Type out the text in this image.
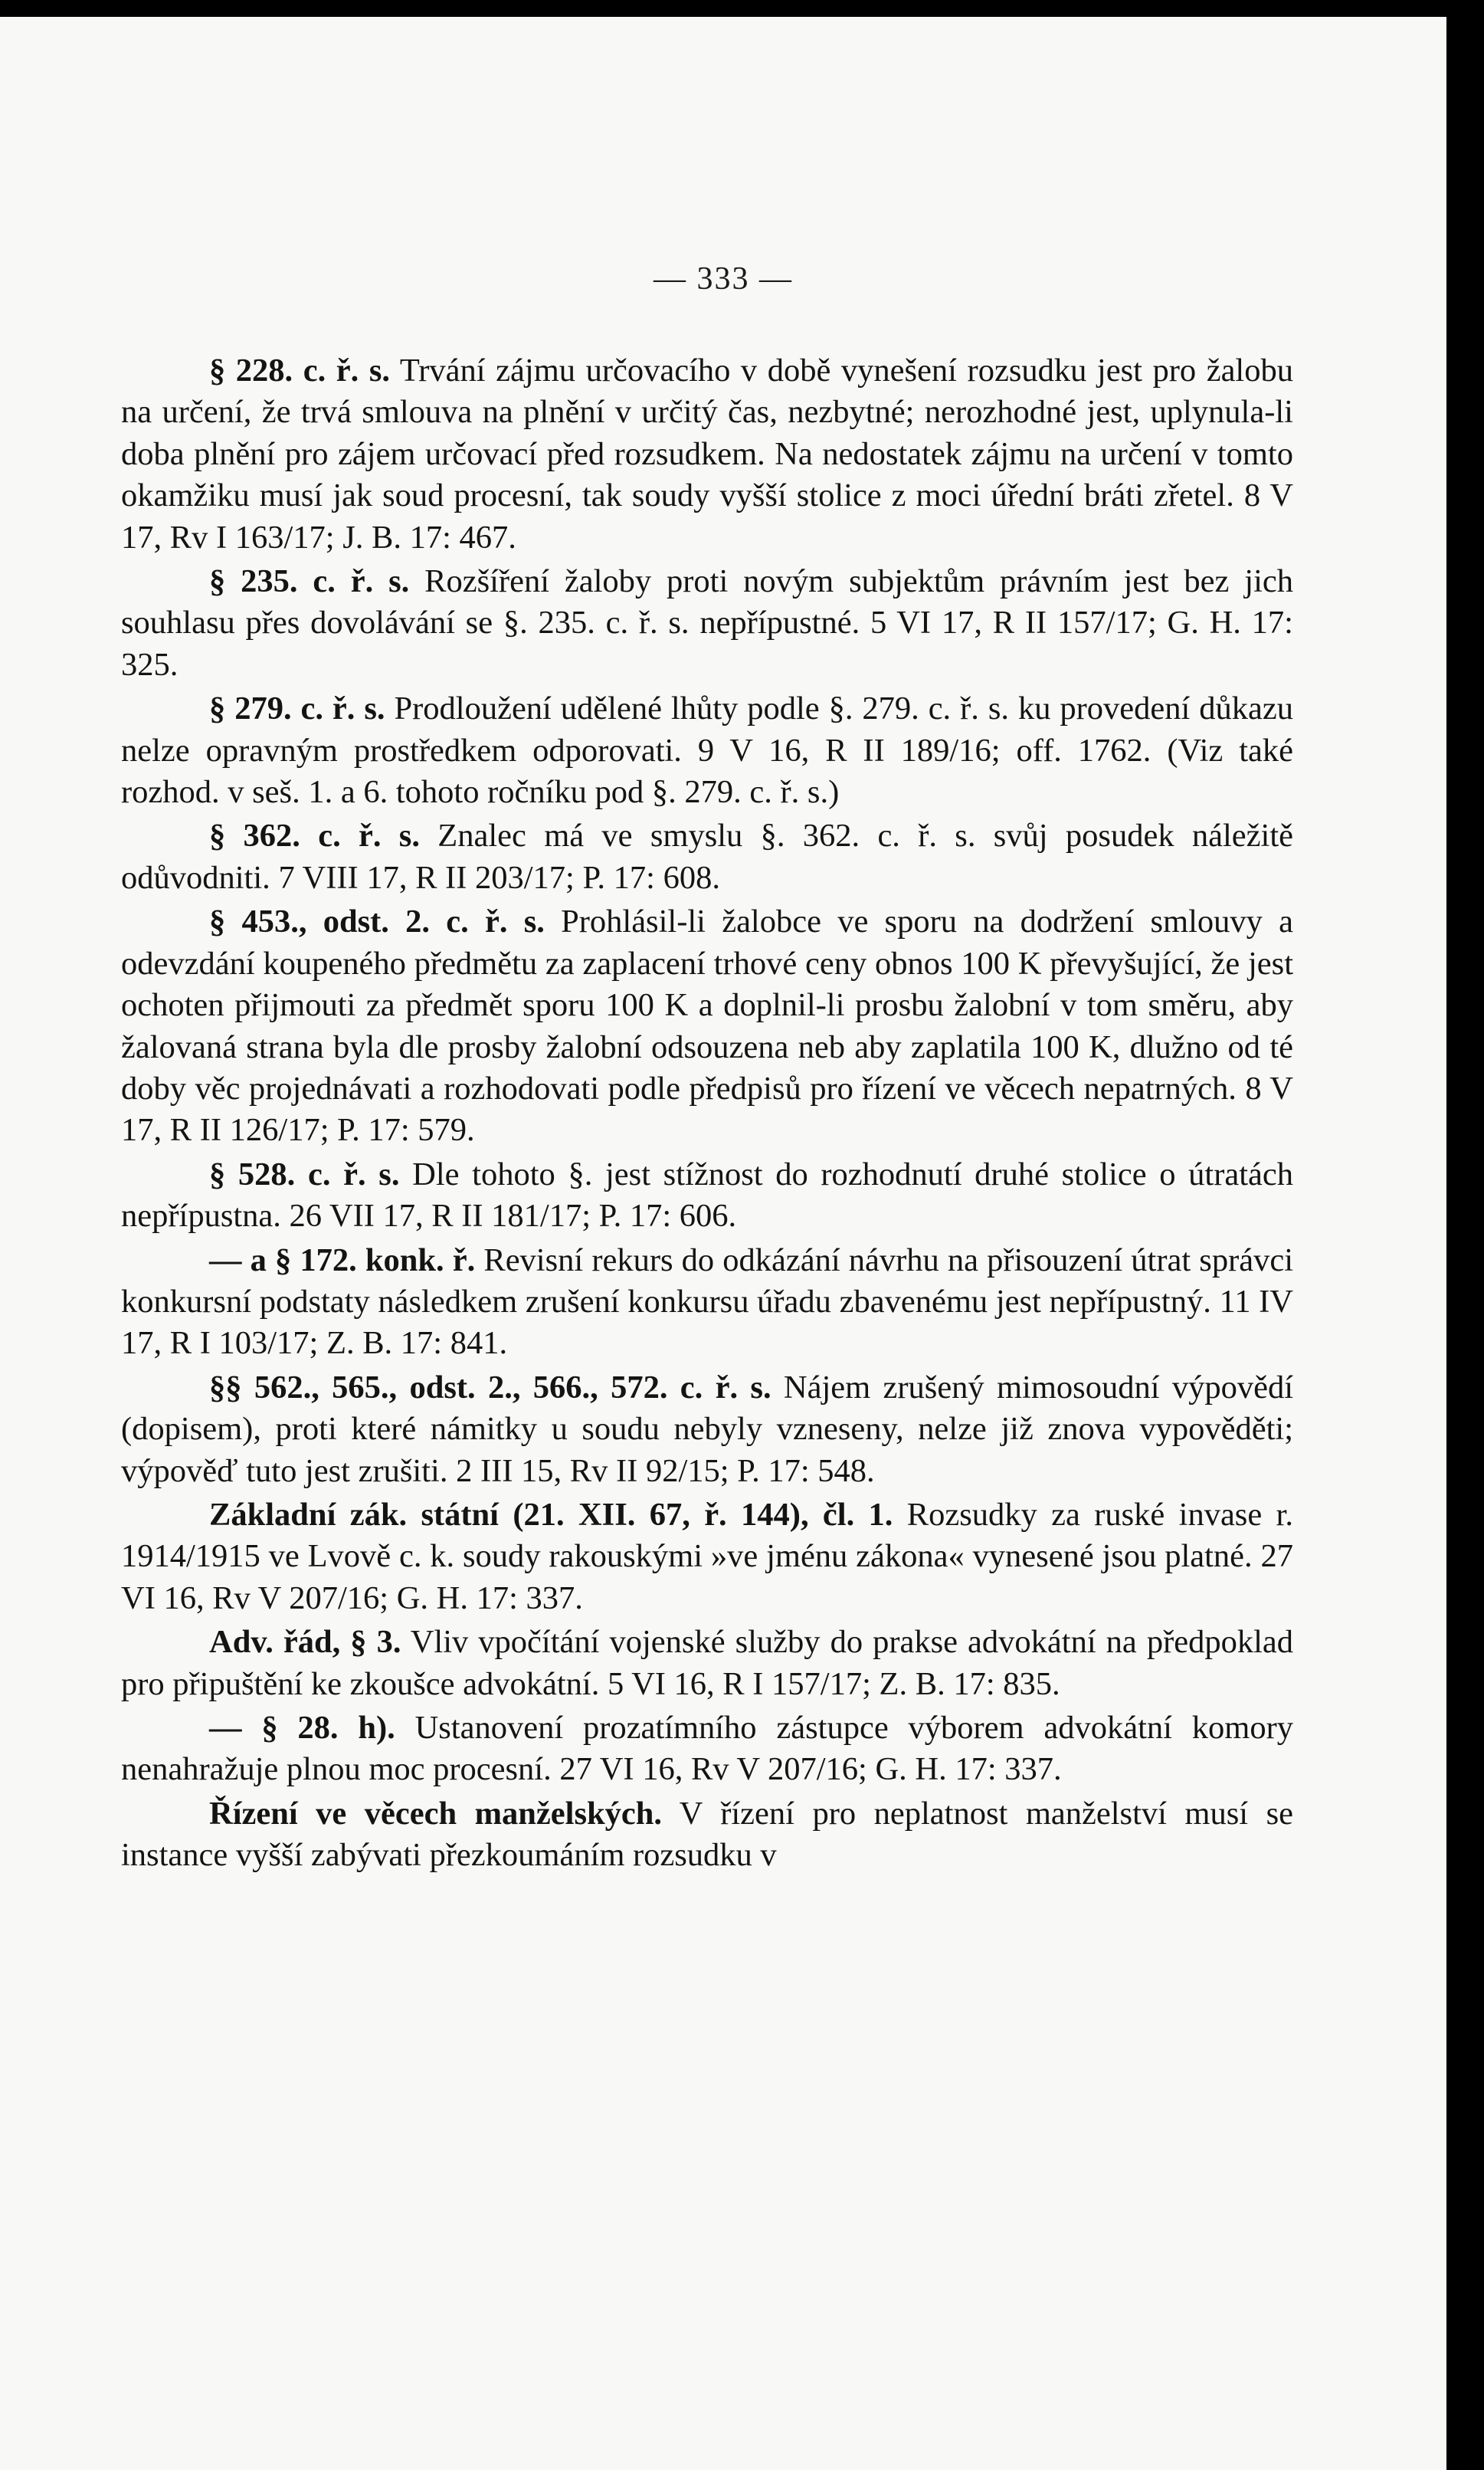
— 333 —

§ 228. c. ř. s. Trvání zájmu určovacího v době vynešení rozsudku jest pro žalobu na určení, že trvá smlouva na plnění v určitý čas, nezbytné; nerozhodné jest, uplynula-li doba plnění pro zájem určovací před rozsudkem. Na nedostatek zájmu na určení v tomto okamžiku musí jak soud procesní, tak soudy vyšší stolice z moci úřední bráti zřetel. 8 V 17, Rv I 163/17; J. B. 17: 467.

§ 235. c. ř. s. Rozšíření žaloby proti novým subjektům právním jest bez jich souhlasu přes dovolávání se §. 235. c. ř. s. nepřípustné. 5 VI 17, R II 157/17; G. H. 17: 325.

§ 279. c. ř. s. Prodloužení udělené lhůty podle §. 279. c. ř. s. ku provedení důkazu nelze opravným prostředkem odporovati. 9 V 16, R II 189/16; off. 1762. (Viz také rozhod. v seš. 1. a 6. tohoto ročníku pod §. 279. c. ř. s.)

§ 362. c. ř. s. Znalec má ve smyslu §. 362. c. ř. s. svůj posudek náležitě odůvodniti. 7 VIII 17, R II 203/17; P. 17: 608.

§ 453., odst. 2. c. ř. s. Prohlásil-li žalobce ve sporu na dodržení smlouvy a odevzdání koupeného předmětu za zaplacení trhové ceny obnos 100 K převyšující, že jest ochoten přijmouti za předmět sporu 100 K a doplnil-li prosbu žalobní v tom směru, aby žalovaná strana byla dle prosby žalobní odsouzena neb aby zaplatila 100 K, dlužno od té doby věc projednávati a rozhodovati podle předpisů pro řízení ve věcech nepatrných. 8 V 17, R II 126/17; P. 17: 579.

§ 528. c. ř. s. Dle tohoto §. jest stížnost do rozhodnutí druhé stolice o útratách nepřípustna. 26 VII 17, R II 181/17; P. 17: 606.

— a § 172. konk. ř. Revisní rekurs do odkázání návrhu na přisouzení útrat správci konkursní podstaty následkem zrušení konkursu úřadu zbavenému jest nepřípustný. 11 IV 17, R I 103/17; Z. B. 17: 841.

§§ 562., 565., odst. 2., 566., 572. c. ř. s. Nájem zrušený mimosoudní výpovědí (dopisem), proti které námitky u soudu nebyly vzneseny, nelze již znova vypověděti; výpověď tuto jest zrušiti. 2 III 15, Rv II 92/15; P. 17: 548.

Základní zák. státní (21. XII. 67, ř. 144), čl. 1. Rozsudky za ruské invase r. 1914/1915 ve Lvově c. k. soudy rakouskými »ve jménu zákona« vynesené jsou platné. 27 VI 16, Rv V 207/16; G. H. 17: 337.

Adv. řád, § 3. Vliv vpočítání vojenské služby do prakse advokátní na předpoklad pro připuštění ke zkoušce advokátní. 5 VI 16, R I 157/17; Z. B. 17: 835.

— § 28. h). Ustanovení prozatímního zástupce výborem advokátní komory nenahražuje plnou moc procesní. 27 VI 16, Rv V 207/16; G. H. 17: 337.

Řízení ve věcech manželských. V řízení pro neplatnost manželství musí se instance vyšší zabývati přezkoumáním rozsudku v
